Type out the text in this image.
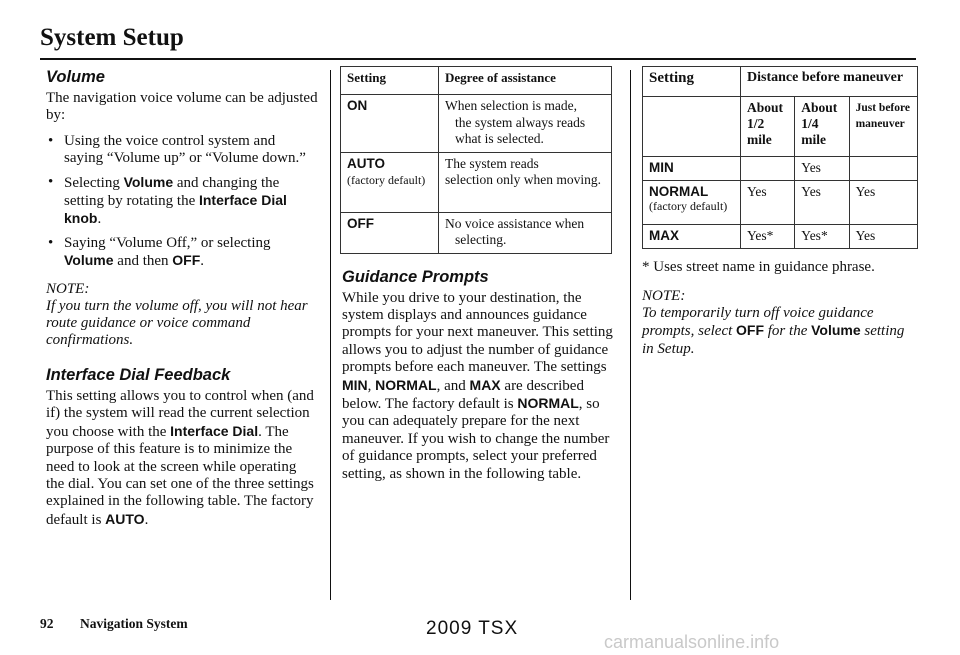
System Setup
Volume

The navigation voice volume can be adjusted by:

• Using the voice control system and saying “Volume up” or “Volume down.”
• Selecting Volume and changing the setting by rotating the Interface Dial knob.
• Saying “Volume Off,” or selecting Volume and then OFF.
NOTE:

If you turn the volume off, you will not hear route guidance or voice command confirmations.

Interface Dial Feedback

This setting allows you to control when (and if) the system will read the current selection you choose with the Interface Dial. The purpose of this feature is to minimize the need to look at the screen while operating the dial. You can set one of the three settings explained in the following table. The factory default is AUTO.

Setting	Degree of assistance

ON	When selection is made,
the system always reads what is selected.

AUTO
(factory default)	The system reads
selection only when moving.

OFF	No voice assistance when
selecting.
Guidance Prompts

While you drive to your destination, the system displays and announces guidance prompts for your next maneuver. This setting allows you to adjust the number of guidance prompts before each maneuver. The settings MIN, NORMAL, and MAX are described below. The factory default is NORMAL, so you can adequately prepare for the next maneuver. If you wish to change the number of guidance prompts, select your preferred setting, as shown in the following table.

Setting	Distance before maneuver		
	About 1/2 mile	About 1/4 mile	Just before maneuver

MIN		Yes	

NORMAL
(factory default)	Yes	Yes	Yes

MAX	Yes*	Yes*	Yes

* Uses street name in guidance phrase.

NOTE:

To temporarily turn off voice guidance prompts, select OFF for the Volume setting in Setup.

92 Navigation System	2009 TSX
carmanualsonline.info
